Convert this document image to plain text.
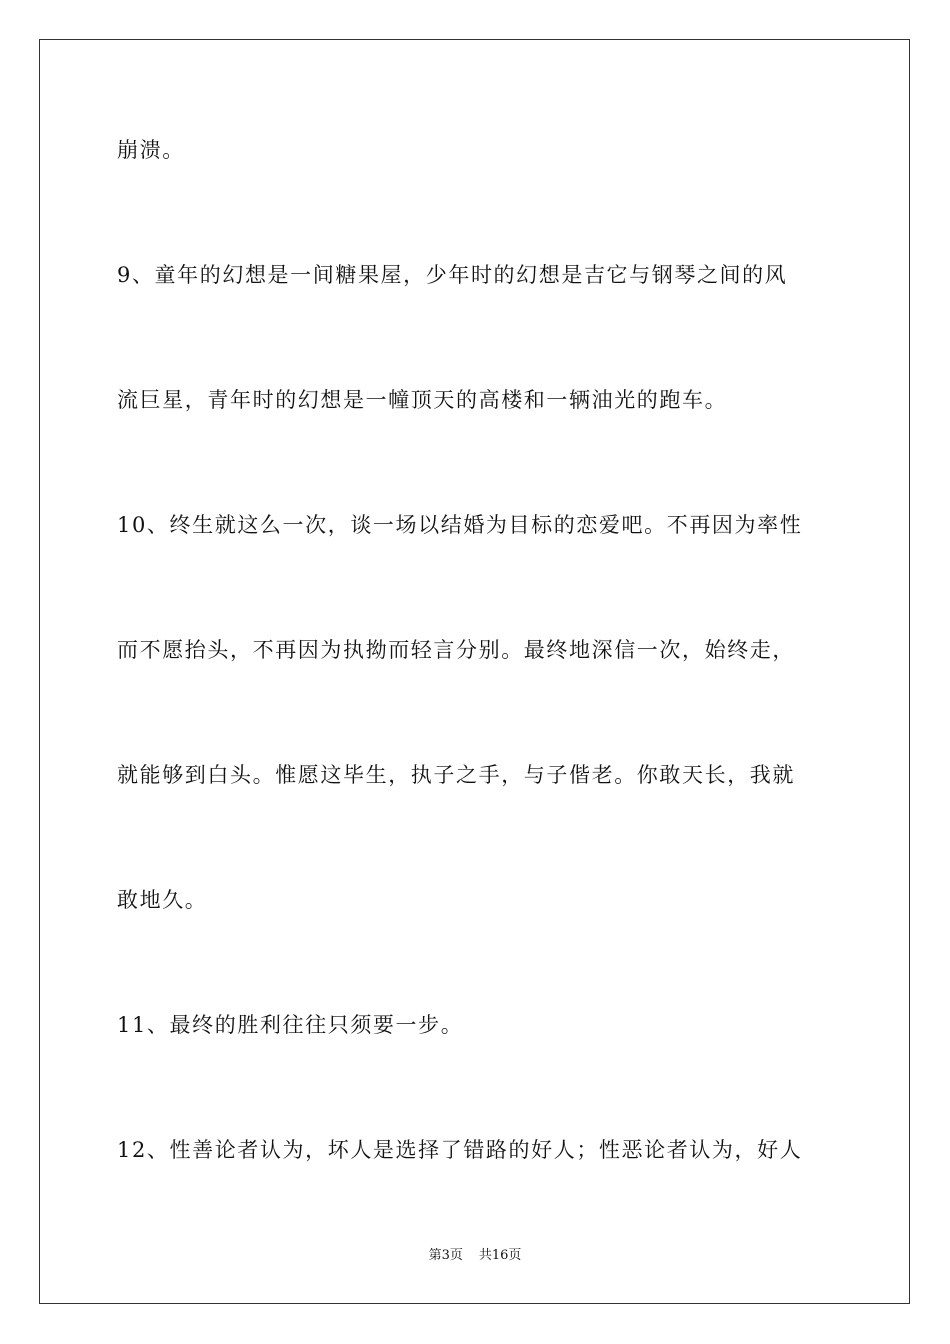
崩溃。
9、童年的幻想是一间糖果屋，少年时的幻想是吉它与钢琴之间的风
流巨星，青年时的幻想是一幢顶天的高楼和一辆油光的跑车。
10、终生就这么一次，谈一场以结婚为目标的恋爱吧。不再因为率性
而不愿抬头，不再因为执拗而轻言分别。最终地深信一次，始终走，
就能够到白头。惟愿这毕生，执子之手，与子偕老。你敢天长，我就
敢地久。
11、最终的胜利往往只须要一步。
12、性善论者认为，坏人是选择了错路的好人；性恶论者认为，好人
第3页 共16页
